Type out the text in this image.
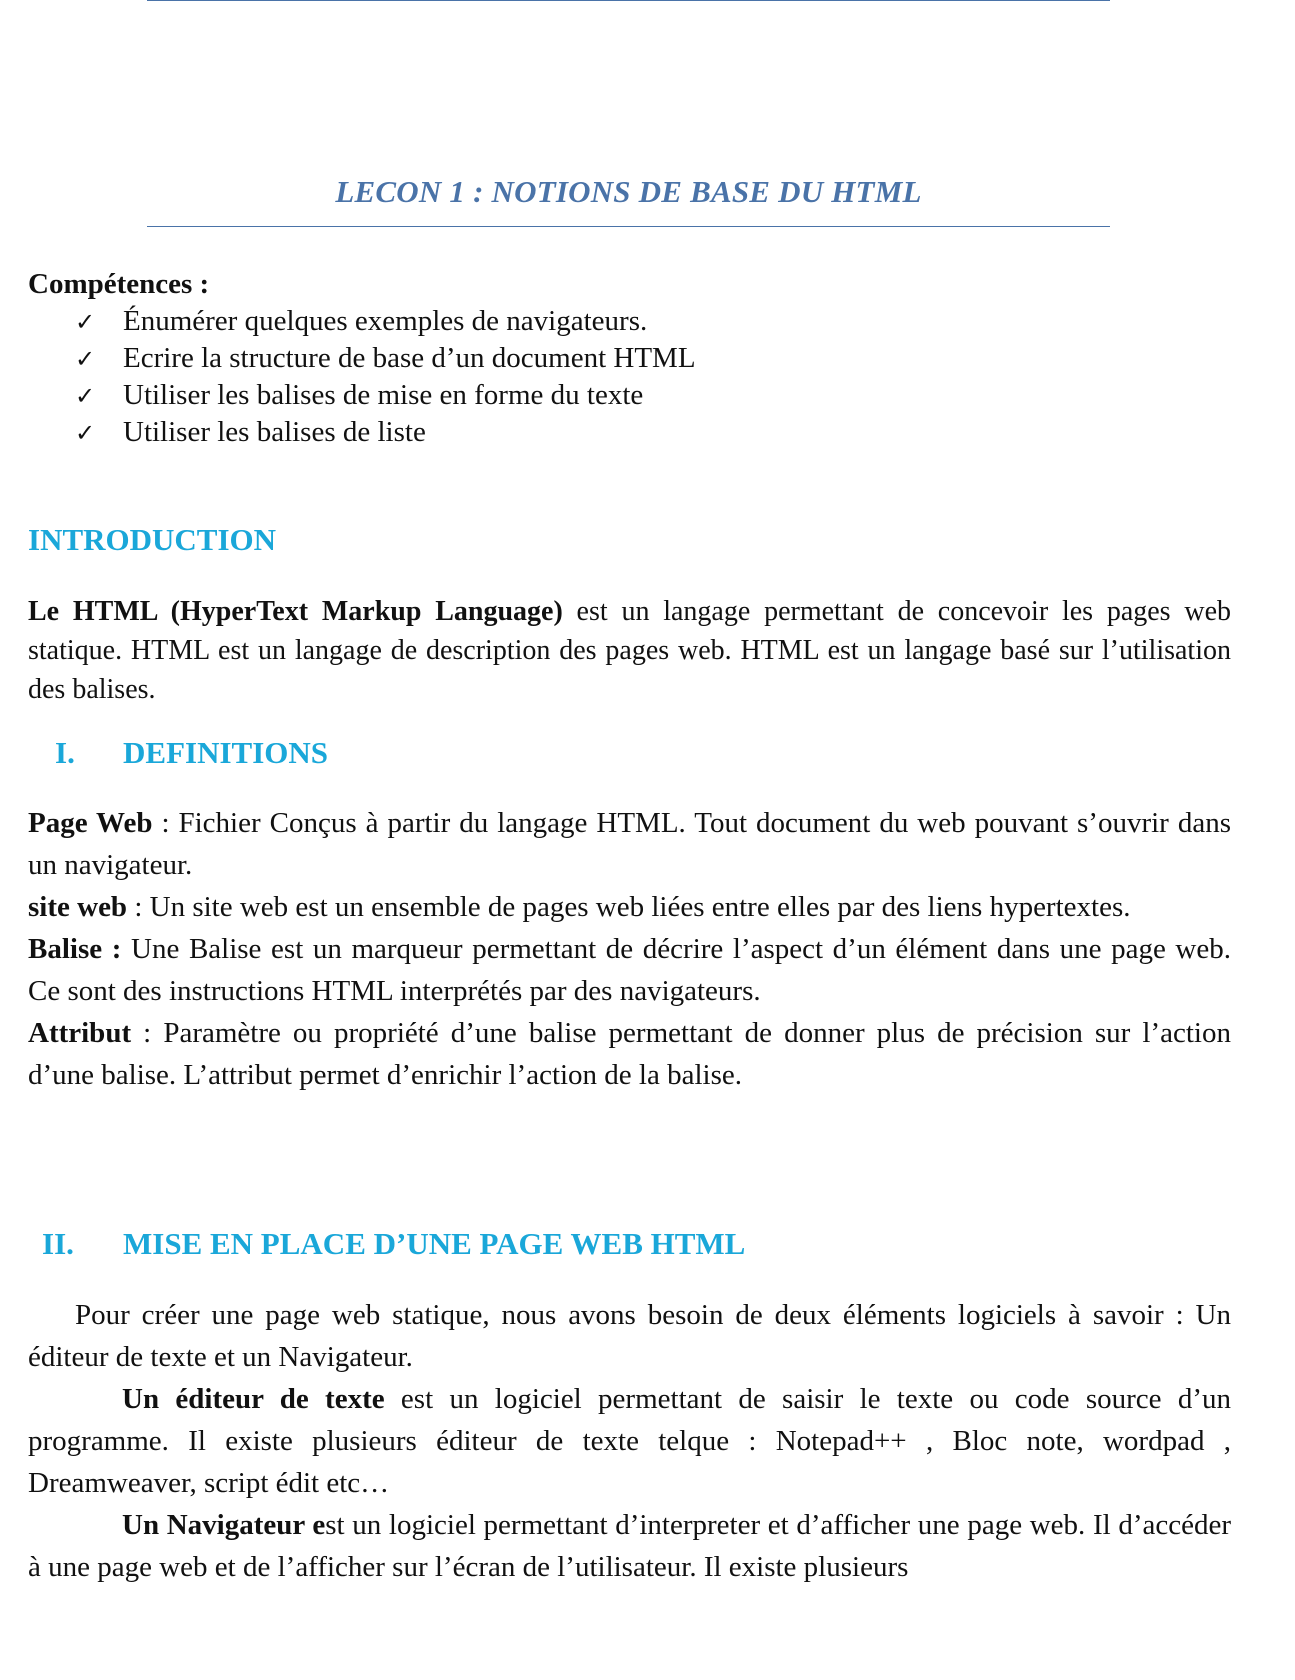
LECON 1 : NOTIONS DE BASE DU HTML
Compétences :
✓ Énumérer quelques exemples de navigateurs.
✓ Ecrire la structure de base d’un document HTML
✓ Utiliser les balises de mise en forme du texte
✓ Utiliser les balises de liste
INTRODUCTION

Le HTML (HyperText Markup Language) est un langage permettant de concevoir les pages web statique. HTML est un langage de description des pages web. HTML est un langage basé sur l’utilisation des balises.

I.	DEFINITIONS

Page Web : Fichier Conçus à partir du langage HTML. Tout document du web pouvant s’ouvrir dans un navigateur.

site web : Un site web est un ensemble de pages web liées entre elles par des liens hypertextes.

Balise : Une Balise est un marqueur permettant de décrire l’aspect d’un élément dans une page web. Ce sont des instructions HTML interprétés par des navigateurs.

Attribut : Paramètre ou propriété d’une balise permettant de donner plus de précision sur l’action d’une balise. L’attribut permet d’enrichir l’action de la balise.

II.	MISE EN PLACE D’UNE PAGE WEB HTML

Pour créer une page web statique, nous avons besoin de deux éléments logiciels à savoir : Un éditeur de texte et un Navigateur.

Un éditeur de texte est un logiciel permettant de saisir le texte ou code source d’un programme. Il existe plusieurs éditeur de texte telque : Notepad++ , Bloc note, wordpad , Dreamweaver, script édit etc…

Un Navigateur est un logiciel permettant d’interpreter et d’afficher une page web. Il d’accéder à une page web et de l’afficher sur l’écran de l’utilisateur. Il existe plusieurs
